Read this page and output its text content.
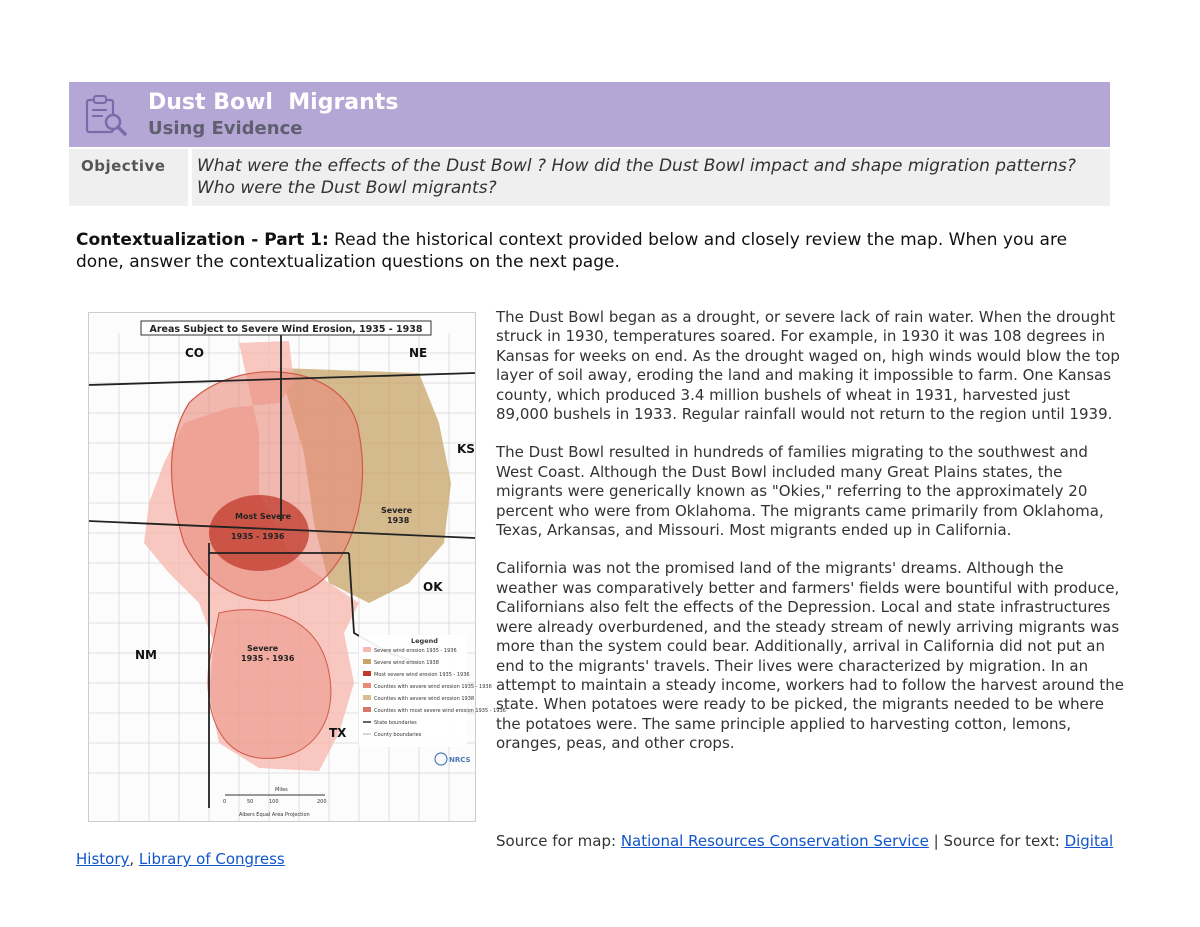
Dust Bowl  Migrants
Using Evidence
Objective What were the effects of the Dust Bowl ? How did the Dust Bowl impact and shape migration patterns? Who were the Dust Bowl migrants?
Contextualization - Part 1: Read the historical context provided below and closely review the map. When you are done, answer the contextualization questions on the next page.
Areas Subject to Severe Wind Erosion, 1935 - 1938
CO	NE
KS
OK
NM
TX
Most Severe
1935 - 1936
Severe
1938
Severe
1935 - 1936
Legend
Severe wind erosion 1935 - 1936
Severe wind erosion 1938
Most severe wind erosion 1935 - 1936
Counties with severe wind erosion 1935 - 1936
Counties with severe wind erosion 1938
Counties with most severe wind erosion 1935 - 1936
State boundaries
County boundaries
NRCS
0	50	100	200
Miles
Albers Equal Area Projection

The Dust Bowl began as a drought, or severe lack of rain water. When the drought struck in 1930, temperatures soared. For example, in 1930 it was 108 degrees in Kansas for weeks on end. As the drought waged on, high winds would blow the top layer of soil away, eroding the land and making it impossible to farm. One Kansas county, which produced 3.4 million bushels of wheat in 1931, harvested just 89,000 bushels in 1933. Regular rainfall would not return to the region until 1939.

The Dust Bowl resulted in hundreds of families migrating to the southwest and West Coast. Although the Dust Bowl included many Great Plains states, the migrants were generically known as "Okies," referring to the approximately 20 percent who were from Oklahoma. The migrants came primarily from Oklahoma, Texas, Arkansas, and Missouri. Most migrants ended up in California.

California was not the promised land of the migrants' dreams. Although the weather was comparatively better and farmers' fields were bountiful with produce, Californians also felt the effects of the Depression. Local and state infrastructures were already overburdened, and the steady stream of newly arriving migrants was more than the system could bear. Additionally, arrival in California did not put an end to the migrants' travels. Their lives were characterized by migration. In an attempt to maintain a steady income, workers had to follow the harvest around the state. When potatoes were ready to be picked, the migrants needed to be where the potatoes were. The same principle applied to harvesting cotton, lemons, oranges, peas, and other crops.

Source for map: National Resources Conservation Service | Source for text: Digital
History, Library of Congress
